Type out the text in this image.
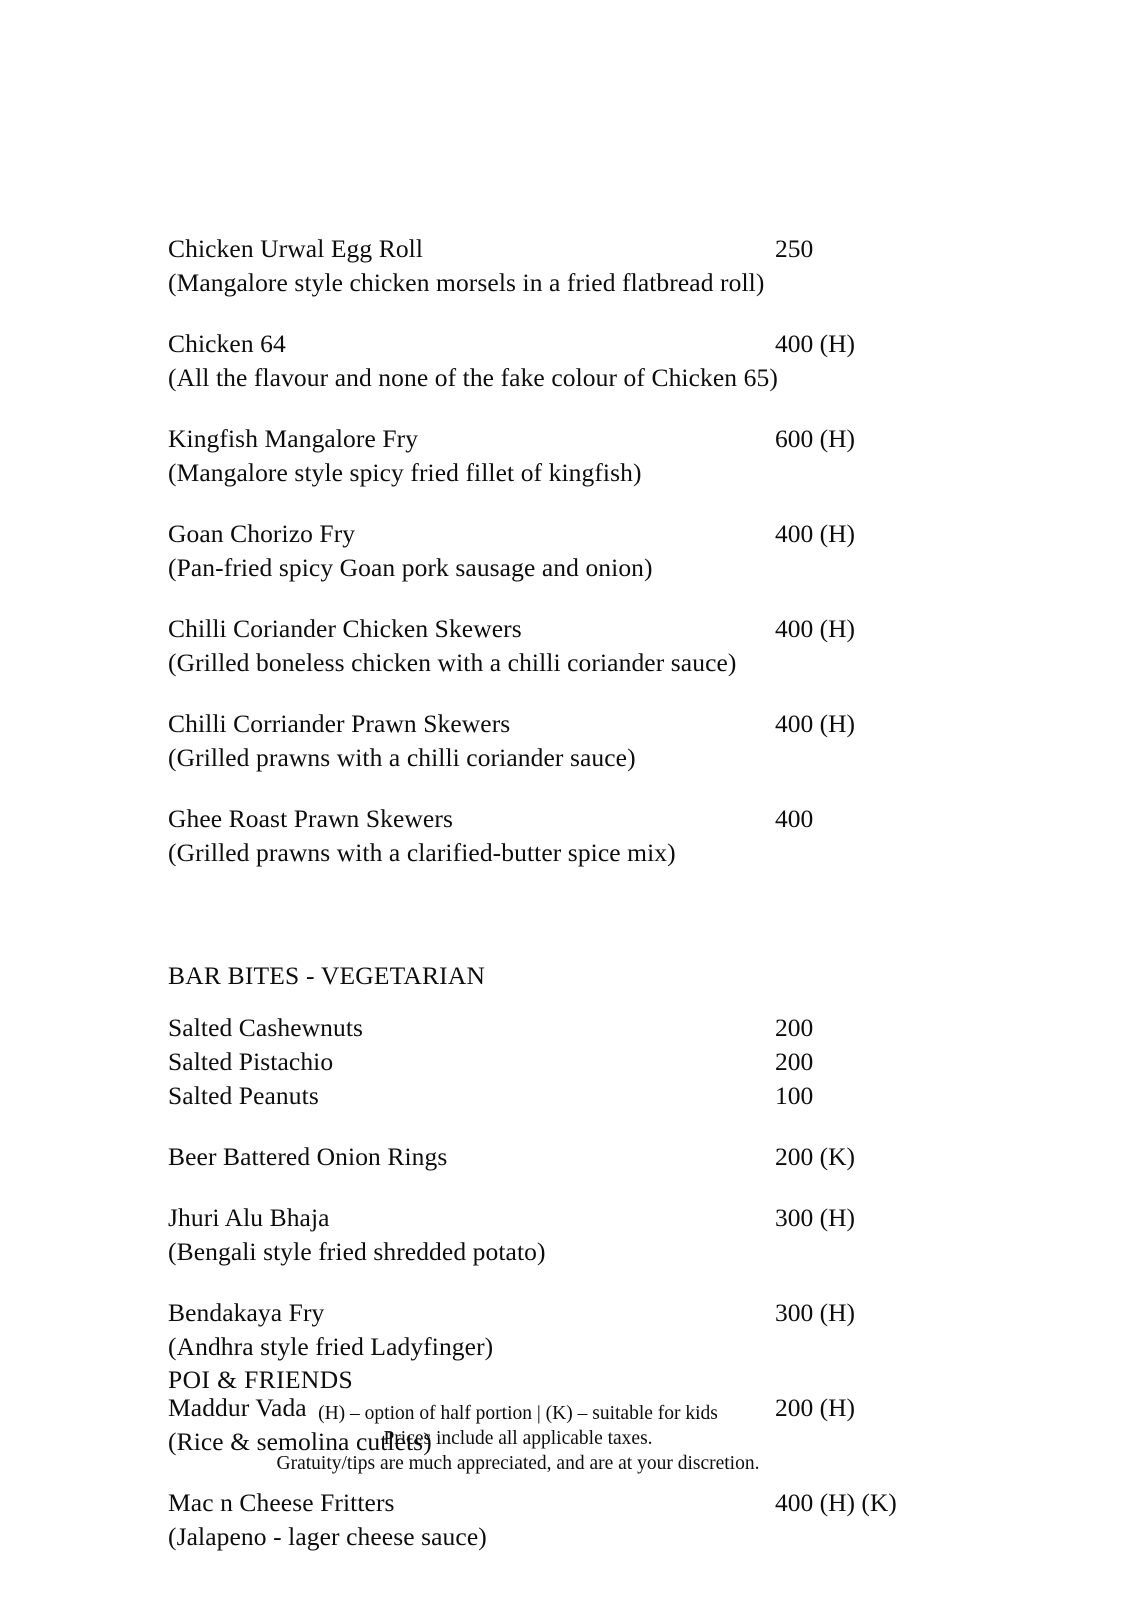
Chicken Urwal Egg Roll	250
(Mangalore style chicken morsels in a fried flatbread roll)
Chicken 64	400 (H)
(All the flavour and none of the fake colour of Chicken 65)
Kingfish Mangalore Fry	600 (H)
(Mangalore style spicy fried fillet of kingfish)
Goan Chorizo Fry	400 (H)
(Pan-fried spicy Goan pork sausage and onion)
Chilli Coriander Chicken Skewers	400 (H)
(Grilled boneless chicken with a chilli coriander sauce)
Chilli Corriander Prawn Skewers	400 (H)
(Grilled prawns with a chilli coriander sauce)
Ghee Roast Prawn Skewers	400
(Grilled prawns with a clarified-butter spice mix)
BAR BITES - VEGETARIAN
Salted Cashewnuts	200
Salted Pistachio	200
Salted Peanuts	100
Beer Battered Onion Rings	200 (K)
Jhuri Alu Bhaja	300 (H)
(Bengali style fried shredded potato)
Bendakaya Fry	300 (H)
(Andhra style fried Ladyfinger)
Maddur Vada	200 (H)
(Rice & semolina cutlets)
Mac n Cheese Fritters	400 (H) (K)
(Jalapeno - lager cheese sauce)
POI & FRIENDS
(H) – option of half portion | (K) – suitable for kids
Prices include all applicable taxes.
Gratuity/tips are much appreciated, and are at your discretion.
